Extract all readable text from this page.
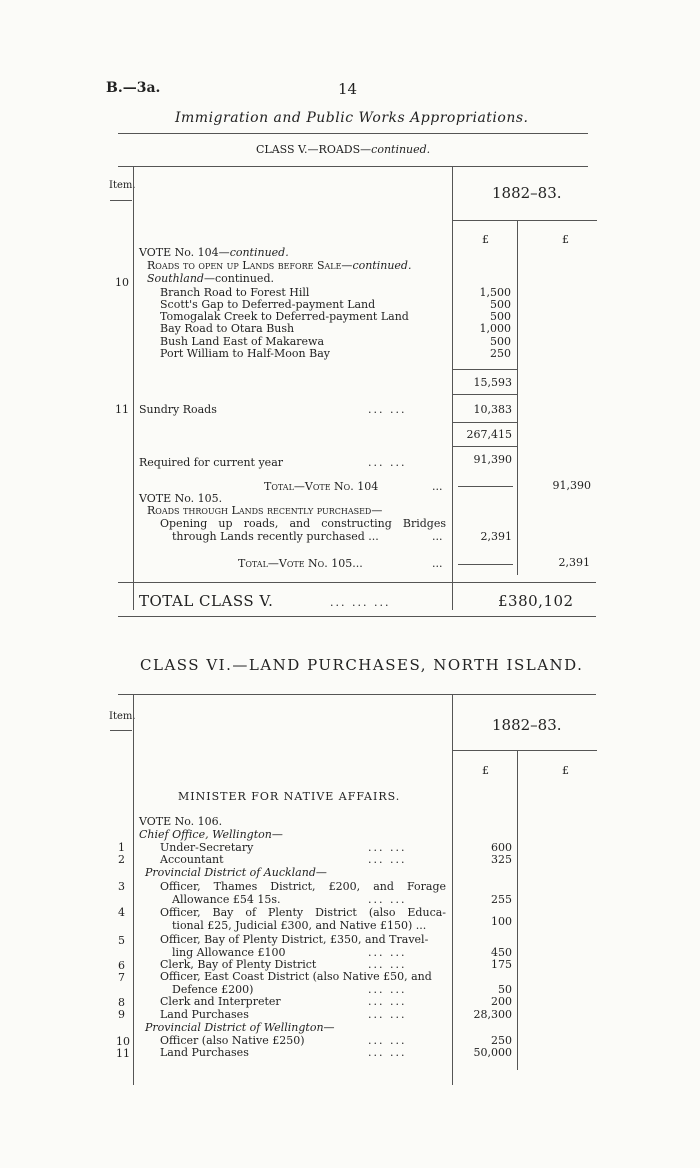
B.—3a.	14
Immigration and Public Works Appropriations.
CLASS V.—ROADS—continued.
Item.	1882–83.
£	£
VOTE No. 104—continued.
Roads to open up Lands before Sale—continued.
10 Southland—continued.
Branch Road to Forest Hill	1,500
Scott's Gap to Deferred-payment Land	500
Tomogalak Creek to Deferred-payment Land	500
Bay Road to Otara Bush	1,000
Bush Land East of Makarewa	500
Port William to Half-Moon Bay	250
15,593
11 Sundry Roads	... ...	10,383
267,415
Required for current year	... ...	91,390
Total—Vote No. 104	...	91,390
VOTE No. 105.
Roads through Lands recently purchased—
Opening up roads, and constructing Bridges
through Lands recently purchased ...	...	2,391
Total—Vote No. 105...	...	2,391
TOTAL CLASS V.	... ... ...	£380,102
CLASS VI.—LAND PURCHASES, NORTH ISLAND.
Item.	1882–83.
£	£
MINISTER FOR NATIVE AFFAIRS.
VOTE No. 106.
Chief Office, Wellington—
1	Under-Secretary	... ...	600
2	Accountant	... ...	325
Provincial District of Auckland—
3	Officer, Thames District, £200, and Forage
Allowance £54 15s.	... ...	255
4	Officer, Bay of Plenty District (also Educa-
tional £25, Judicial £300, and Native £150) ...	100
5	Officer, Bay of Plenty District, £350, and Travel-
ling Allowance £100	... ...	450
6	Clerk, Bay of Plenty District	... ...	175
7	Officer, East Coast District (also Native £50, and
Defence £200)	... ...	50
8	Clerk and Interpreter	... ...	200
9	Land Purchases	... ...	28,300
Provincial District of Wellington—
10	Officer (also Native £250)	... ...	250
11	Land Purchases	... ...	50,000
